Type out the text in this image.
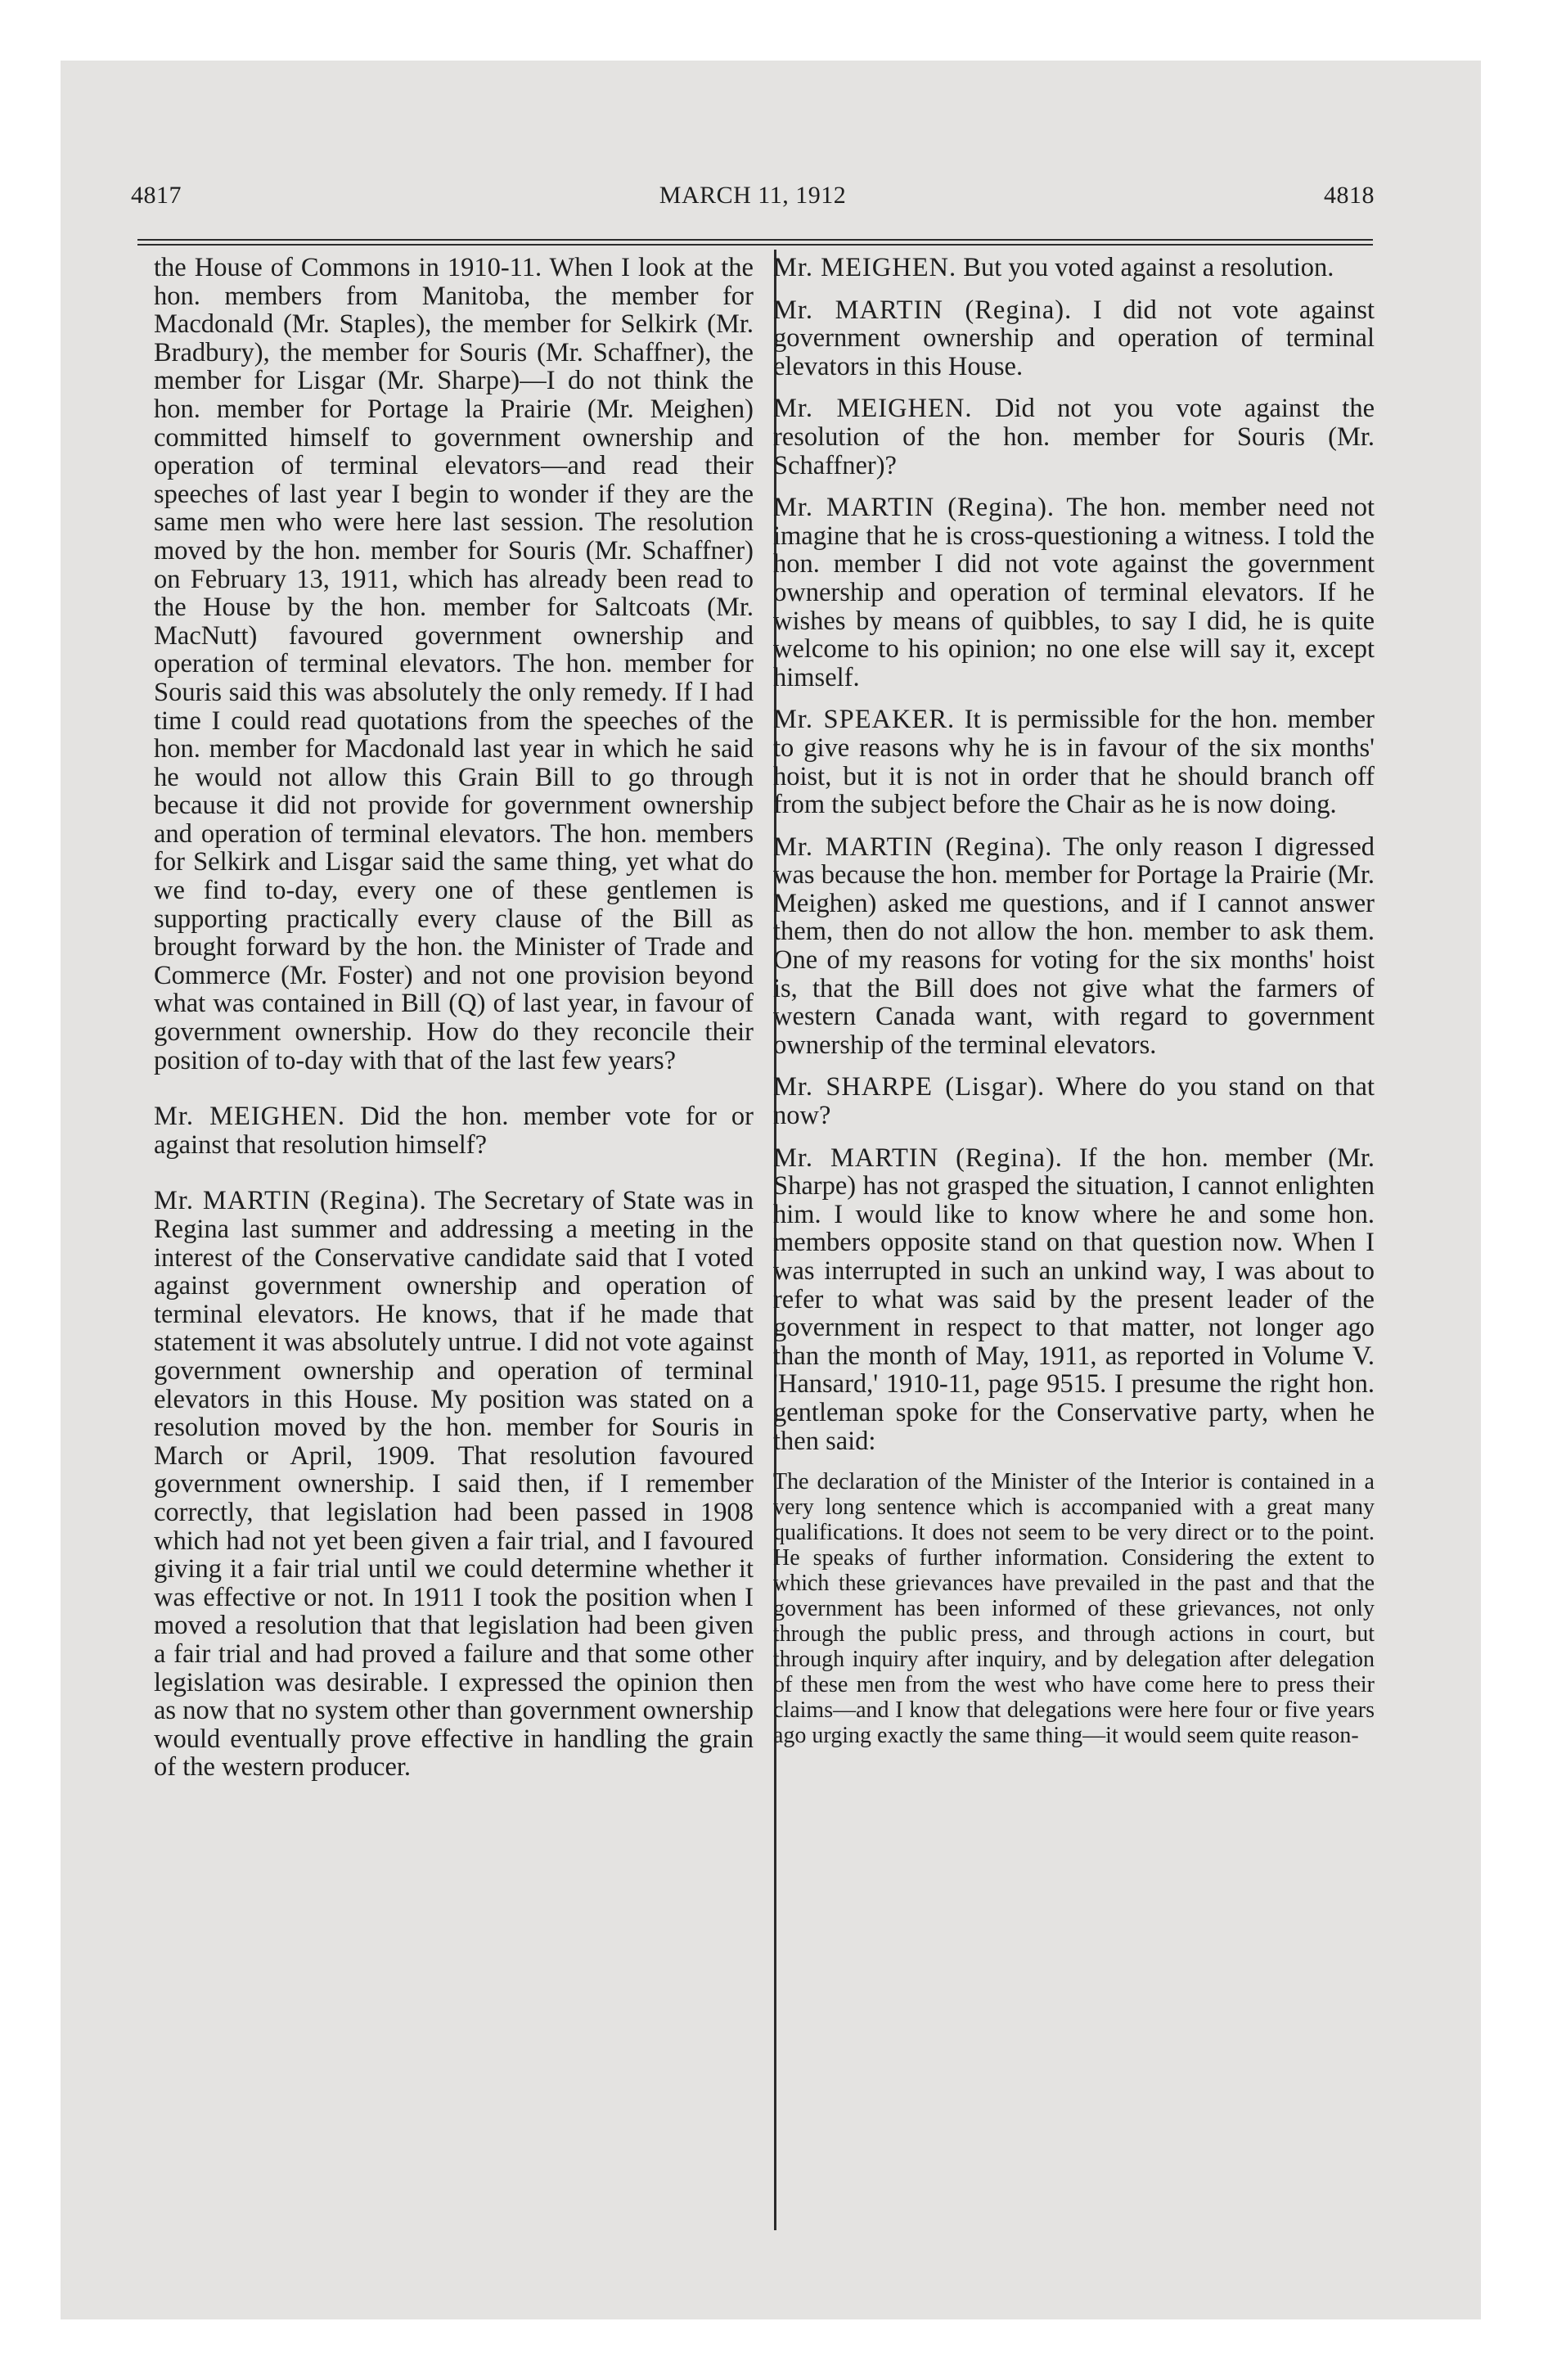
4817	MARCH 11, 1912	4818

the House of Commons in 1910-11. When I look at the hon. members from Manitoba, the member for Macdonald (Mr. Staples), the member for Selkirk (Mr. Bradbury), the member for Souris (Mr. Schaffner), the member for Lisgar (Mr. Sharpe)—I do not think the hon. member for Portage la Prairie (Mr. Meighen) committed himself to government ownership and operation of terminal elevators—and read their speeches of last year I begin to wonder if they are the same men who were here last session. The resolution moved by the hon. member for Souris (Mr. Schaffner) on February 13, 1911, which has already been read to the House by the hon. member for Saltcoats (Mr. MacNutt) favoured government ownership and operation of terminal elevators. The hon. member for Souris said this was absolutely the only remedy. If I had time I could read quotations from the speeches of the hon. member for Macdonald last year in which he said he would not allow this Grain Bill to go through because it did not provide for government ownership and operation of terminal elevators. The hon. members for Selkirk and Lisgar said the same thing, yet what do we find to-day, every one of these gentlemen is supporting practically every clause of the Bill as brought forward by the hon. the Minister of Trade and Commerce (Mr. Foster) and not one provision beyond what was contained in Bill (Q) of last year, in favour of government ownership. How do they reconcile their position of to-day with that of the last few years?

Mr. MEIGHEN. Did the hon. member vote for or against that resolution himself?

Mr. MARTIN (Regina). The Secretary of State was in Regina last summer and addressing a meeting in the interest of the Conservative candidate said that I voted against government ownership and operation of terminal elevators. He knows, that if he made that statement it was absolutely untrue. I did not vote against government ownership and operation of terminal elevators in this House. My position was stated on a resolution moved by the hon. member for Souris in March or April, 1909. That resolution favoured government ownership. I said then, if I remember correctly, that legislation had been passed in 1908 which had not yet been given a fair trial, and I favoured giving it a fair trial until we could determine whether it was effective or not. In 1911 I took the position when I moved a resolution that that legislation had been given a fair trial and had proved a failure and that some other legislation was desirable. I expressed the opinion then as now that no system other than government ownership would eventually prove effective in handling the grain of the western producer.

Mr. MEIGHEN. But you voted against a resolution.

Mr. MARTIN (Regina). I did not vote against government ownership and operation of terminal elevators in this House.

Mr. MEIGHEN. Did not you vote against the resolution of the hon. member for Souris (Mr. Schaffner)?

Mr. MARTIN (Regina). The hon. member need not imagine that he is cross-questioning a witness. I told the hon. member I did not vote against the government ownership and operation of terminal elevators. If he wishes by means of quibbles, to say I did, he is quite welcome to his opinion; no one else will say it, except himself.

Mr. SPEAKER. It is permissible for the hon. member to give reasons why he is in favour of the six months' hoist, but it is not in order that he should branch off from the subject before the Chair as he is now doing.

Mr. MARTIN (Regina). The only reason I digressed was because the hon. member for Portage la Prairie (Mr. Meighen) asked me questions, and if I cannot answer them, then do not allow the hon. member to ask them. One of my reasons for voting for the six months' hoist is, that the Bill does not give what the farmers of western Canada want, with regard to government ownership of the terminal elevators.

Mr. SHARPE (Lisgar). Where do you stand on that now?

Mr. MARTIN (Regina). If the hon. member (Mr. Sharpe) has not grasped the situation, I cannot enlighten him. I would like to know where he and some hon. members opposite stand on that question now. When I was interrupted in such an unkind way, I was about to refer to what was said by the present leader of the government in respect to that matter, not longer ago than the month of May, 1911, as reported in Volume V. 'Hansard,' 1910-11, page 9515. I presume the right hon. gentleman spoke for the Conservative party, when he then said:

The declaration of the Minister of the Interior is contained in a very long sentence which is accompanied with a great many qualifications. It does not seem to be very direct or to the point. He speaks of further information. Considering the extent to which these grievances have prevailed in the past and that the government has been informed of these grievances, not only through the public press, and through actions in court, but through inquiry after inquiry, and by delegation after delegation of these men from the west who have come here to press their claims—and I know that delegations were here four or five years ago urging exactly the same thing—it would seem quite reason-
